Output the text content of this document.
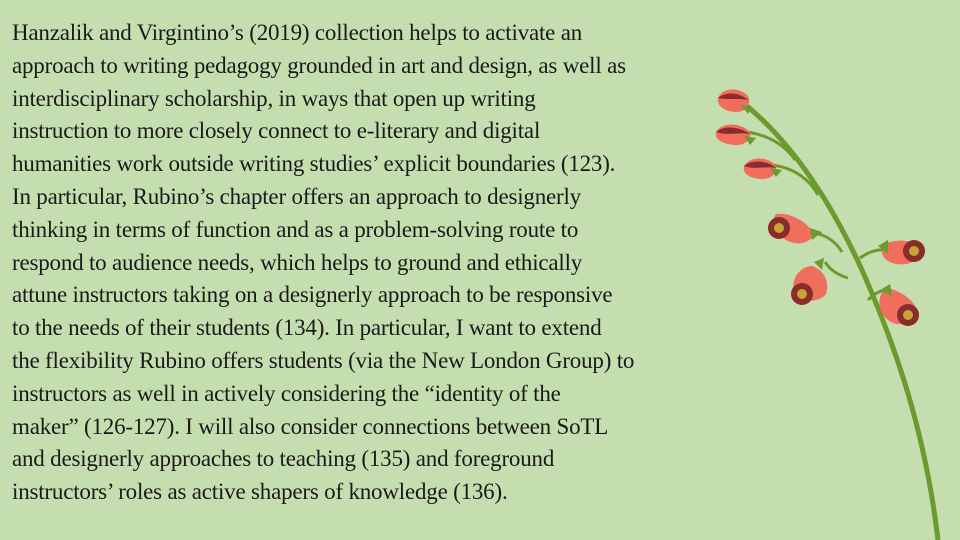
Hanzalik and Virgintino’s (2019) collection helps to activate an
approach to writing pedagogy grounded in art and design, as well as
interdisciplinary scholarship, in ways that open up writing
instruction to more closely connect to e-literary and digital
humanities work outside writing studies’ explicit boundaries (123).
In particular, Rubino’s chapter offers an approach to designerly
thinking in terms of function and as a problem-solving route to
respond to audience needs, which helps to ground and ethically
attune instructors taking on a designerly approach to be responsive
to the needs of their students (134). In particular, I want to extend
the flexibility Rubino offers students (via the New London Group) to
instructors as well in actively considering the “identity of the
maker” (126-127). I will also consider connections between SoTL
and designerly approaches to teaching (135) and foreground
instructors’ roles as active shapers of knowledge (136).
